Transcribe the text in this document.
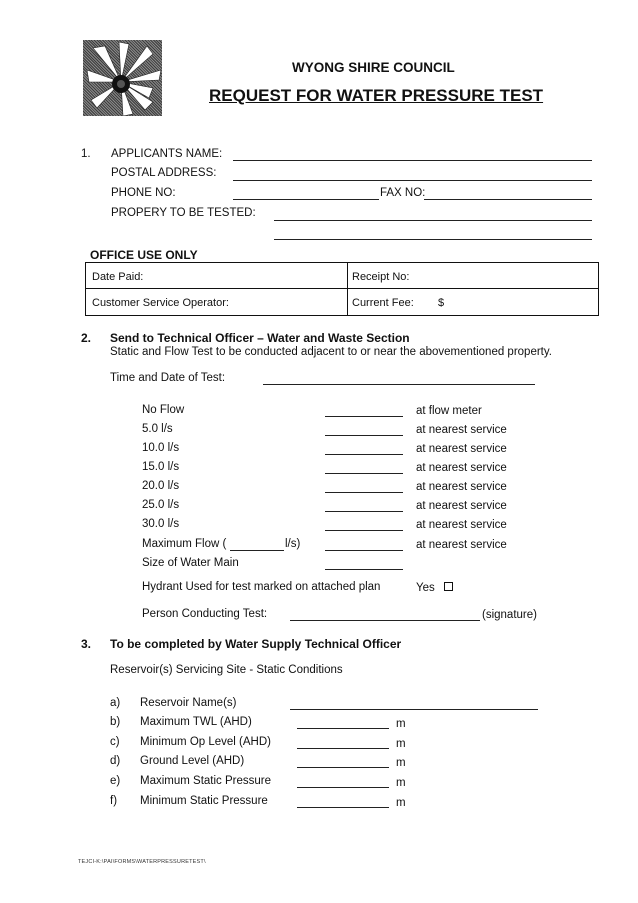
WYONG SHIRE COUNCIL
REQUEST FOR WATER PRESSURE TEST
1. APPLICANTS NAME:
POSTAL ADDRESS:
PHONE NO:	FAX NO:
PROPERY TO BE TESTED:
OFFICE USE ONLY
Date Paid:	Receipt No:
Customer Service Operator:	Current Fee: $
2. Send to Technical Officer – Water and Waste Section
Static and Flow Test to be conducted adjacent to or near the abovementioned property.
Time and Date of Test:
No Flow	at flow meter
5.0 l/s	at nearest service
10.0 l/s	at nearest service
15.0 l/s	at nearest service
20.0 l/s	at nearest service
25.0 l/s	at nearest service
30.0 l/s	at nearest service
Maximum Flow (	l/s)	at nearest service
Size of Water Main
Hydrant Used for test marked on attached plan	Yes
Person Conducting Test:	(signature)
3. To be completed by Water Supply Technical Officer
Reservoir(s) Servicing Site - Static Conditions
a) Reservoir Name(s)
b) Maximum TWL (AHD)	m
c) Minimum Op Level (AHD)	m
d) Ground Level (AHD)	m
e) Maximum Static Pressure	m
f) Minimum Static Pressure	m
TEJCI-K:\PAI\FORMS\WATERPRESSURETEST\
